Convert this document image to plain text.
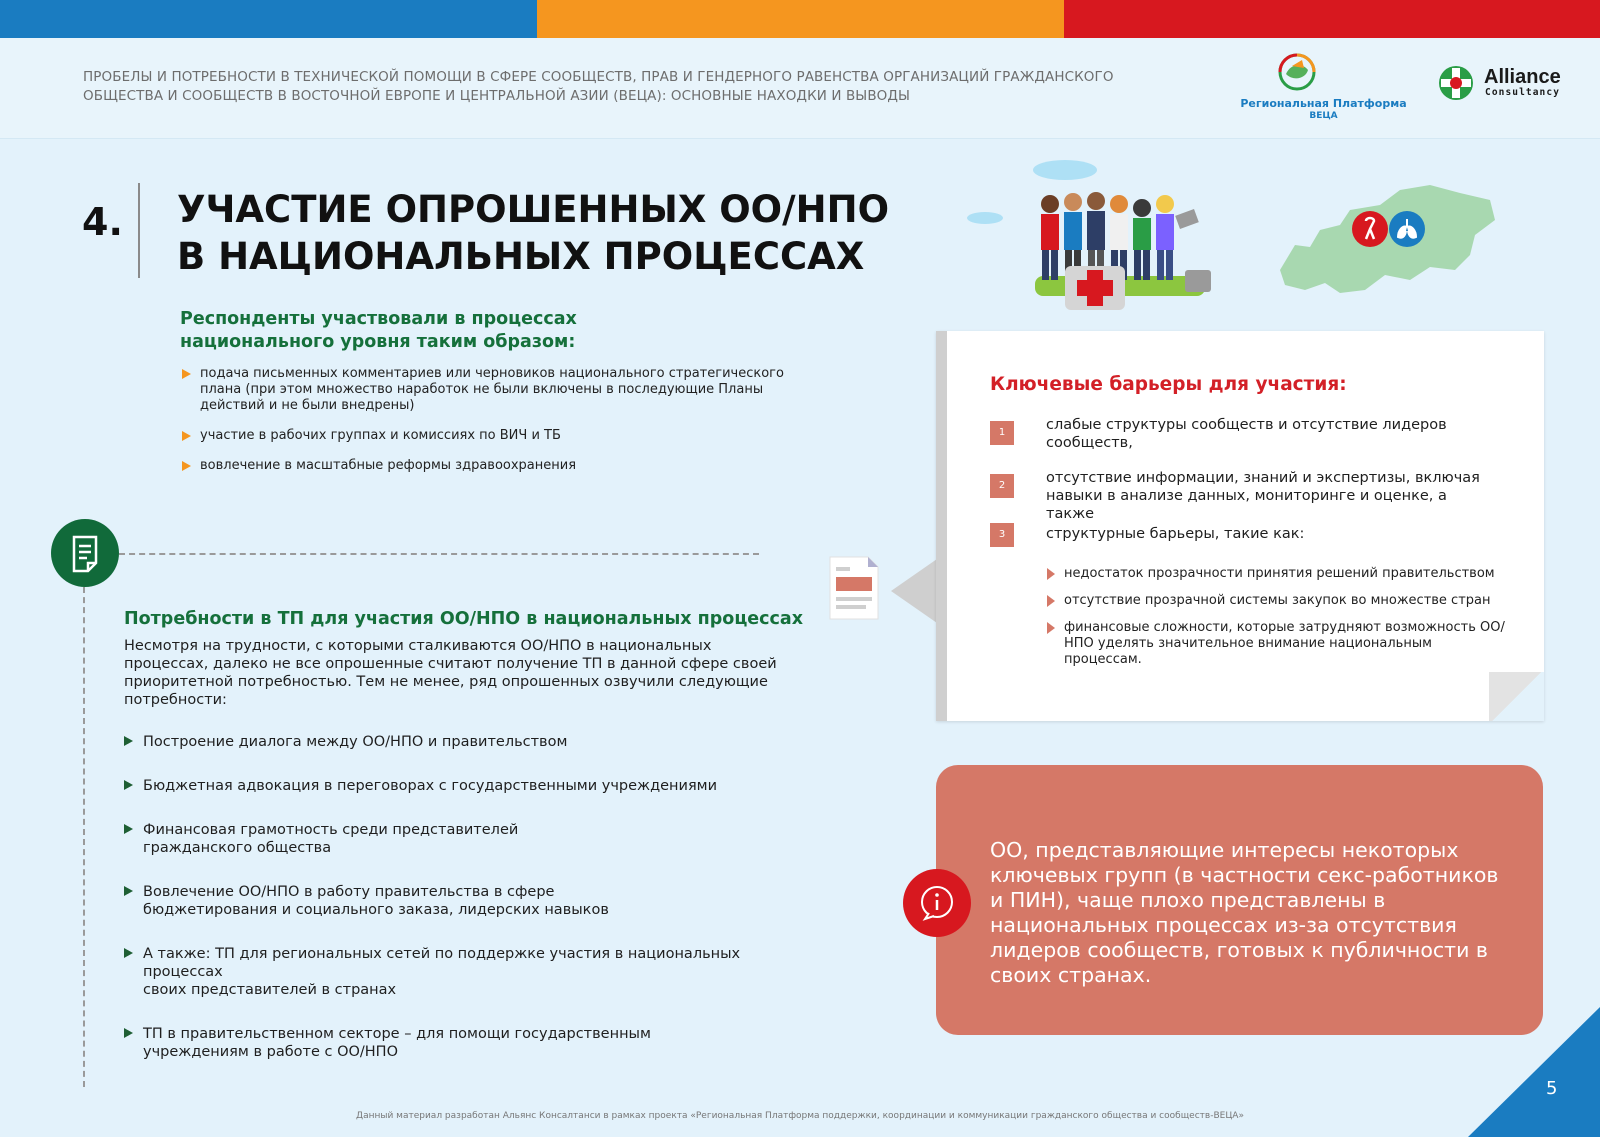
ПРОБЕЛЫ И ПОТРЕБНОСТИ В ТЕХНИЧЕСКОЙ ПОМОЩИ В СФЕРЕ СООБЩЕСТВ, ПРАВ И ГЕНДЕРНОГО РАВЕНСТВА ОРГАНИЗАЦИЙ ГРАЖДАНСКОГО ОБЩЕСТВА И СООБЩЕСТВ В ВОСТОЧНОЙ ЕВРОПЕ И ЦЕНТРАЛЬНОЙ АЗИИ (ВЕЦА): ОСНОВНЫЕ НАХОДКИ И ВЫВОДЫ	Региональная Платформа
ВЕЦА
Alliance
Consultancy
4. УЧАСТИЕ ОПРОШЕННЫХ ОО/НПО
В НАЦИОНАЛЬНЫХ ПРОЦЕССАХ
Респонденты участвовали в процессах национального уровня таким образом:
подача письменных комментариев или черновиков национального стратегического плана (при этом множество наработок не были включены в последующие Планы действий и не были внедрены)
участие в рабочих группах и комиссиях по ВИЧ и ТБ
вовлечение в масштабные реформы здравоохранения
Потребности в ТП для участия ОО/НПО в национальных процессах
Несмотря на трудности, с которыми сталкиваются ОО/НПО в национальных процессах, далеко не все опрошенные считают получение ТП в данной сфере своей приоритетной потребностью. Тем не менее, ряд опрошенных озвучили следующие потребности:
Построение диалога между ОО/НПО и правительством
Бюджетная адвокация в переговорах с государственными учреждениями
Финансовая грамотность среди представителей
гражданского общества
Вовлечение ОО/НПО в работу правительства в сфере
бюджетирования и социального заказа, лидерских навыков
А также: ТП для региональных сетей по поддержке участия в национальных процессах
своих представителей в странах
ТП в правительственном секторе – для помощи государственным
учреждениям в работе с ОО/НПО
Ключевые барьеры для участия:
1	слабые структуры сообществ и отсутствие лидеров сообществ,
2	отсутствие информации, знаний и экспертизы, включая навыки в анализе данных, мониторинге и оценке, а также
3	структурные барьеры, такие как:
недостаток прозрачности принятия решений правительством
отсутствие прозрачной системы закупок во множестве стран
финансовые сложности, которые затрудняют возможность ОО/НПО уделять значительное внимание национальным процессам.
ОО, представляющие интересы некоторых ключевых групп (в частности секс-работников и ПИН), чаще плохо представлены в национальных процессах из-за отсутствия лидеров сообществ, готовых к публичности в своих странах.
Данный материал разработан Альянс Консалтанси в рамках проекта «Региональная Платформа поддержки, координации и коммуникации гражданского общества и сообществ-ВЕЦА»
5
